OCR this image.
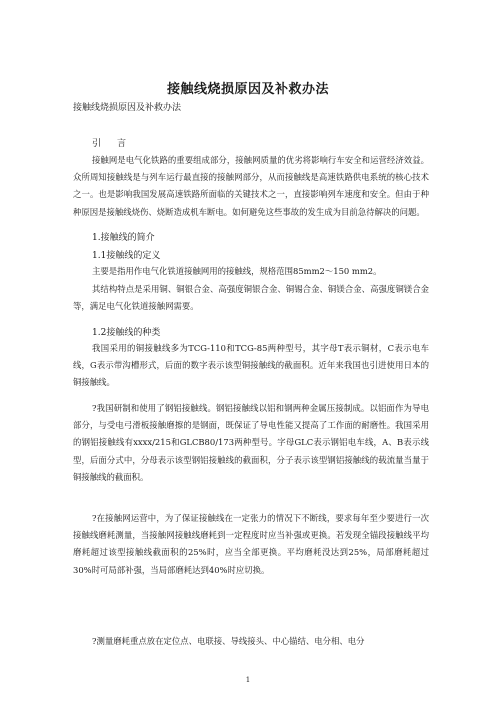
接触线烧损原因及补救办法
接触线烧损原因及补救办法
引言
接触网是电气化铁路的重要组成部分，接触网质量的优劣将影响行车安全和运营经济效益。众所周知接触线是与列车运行最直接的接触网部分，从而接触线是高速铁路供电系统的核心技术之一。也是影响我国发展高速铁路所面临的关键技术之一，直接影响列车速度和安全。但由于种种原因是接触线烧伤、烧断造成机车断电。如何避免这些事故的发生成为目前急待解决的问题。
1.接触线的简介
1.1接触线的定义
主要是指用作电气化铁道接触网用的接触线，规格范围85mm2～150 mm2。
其结构特点是采用铜、铜银合金、高强度铜银合金、铜锡合金、铜镁合金、高强度铜镁合金等，满足电气化铁道接触网需要。
1.2接触线的种类
我国采用的铜接触线多为TCG-110和TCG-85两种型号，其字母T表示铜材，C表示电车线，G表示带沟槽形式，后面的数字表示该型铜接触线的截面积。近年来我国也引进使用日本的铜接触线。
?我国研制和使用了钢铝接触线。钢铝接触线以铝和钢两种金属压接制成。以铝面作为导电部分，与受电弓滑板接触磨擦的是钢面，既保证了导电性能又提高了工作面的耐磨性。我国采用的钢铝接触线有xxxx/215和GLCB80/173两种型号。字母GLC表示钢铝电车线，A、B表示线型，后面分式中，分母表示该型钢铝接触线的截面积，分子表示该型钢铝接触线的载流量当量于铜接触线的截面积。
?在接触网运营中，为了保证接触线在一定张力的情况下不断线，要求每年至少要进行一次接触线磨耗测量，当接触网接触线磨耗到一定程度时应当补强或更换。若发现全锚段接触线平均磨耗超过该型接触线截面积的25%时，应当全部更换。平均磨耗没达到25%，局部磨耗超过30%时可局部补强，当局部磨耗达到40%时应切换。
?测量磨耗重点放在定位点、电联接、导线接头、中心锚结、电分相、电分
1
